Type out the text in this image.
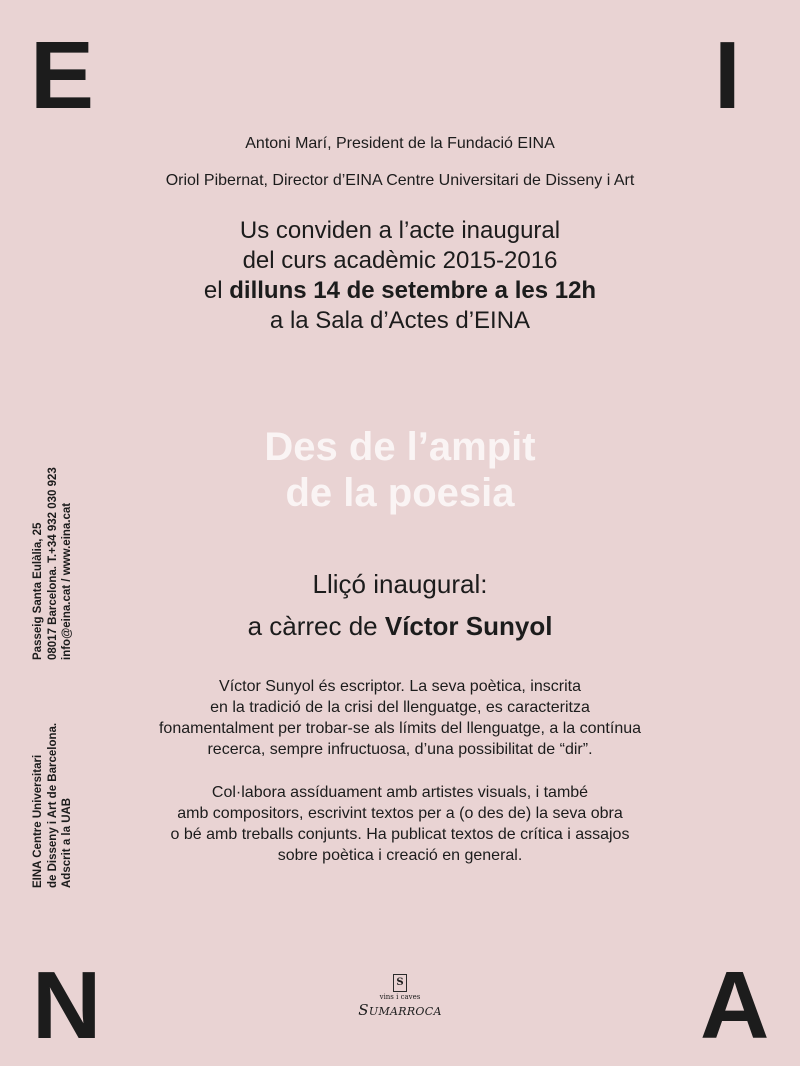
E	I
N	A
Antoni Marí, President de la Fundació EINA
Oriol Pibernat, Director d’EINA Centre Universitari de Disseny i Art
Us conviden a l’acte inaugural
del curs acadèmic 2015-2016
el dilluns 14 de setembre a les 12h
a la Sala d’Actes d’EINA
Des de l’ampit
de la poesia
Lliçó inaugural:
a càrrec de Víctor Sunyol

Víctor Sunyol és escriptor. La seva poètica, inscrita
en la tradició de la crisi del llenguatge, es caracteritza
fonamentalment per trobar-se als límits del llenguatge, a la contínua
recerca, sempre infructuosa, d’una possibilitat de “dir”.

Col·labora assíduament amb artistes visuals, i també
amb compositors, escrivint textos per a (o des de) la seva obra
o bé amb treballs conjunts. Ha publicat textos de crítica i assajos
sobre poètica i creació en general.

Passeig Santa Eulàlia, 25 08017 Barcelona. T.+34 932 030 923 info@eina.cat / www.eina.cat
EINA Centre Universitari de Disseny i Art de Barcelona. Adscrit a la UAB
S
vins i caves
Sumarroca
